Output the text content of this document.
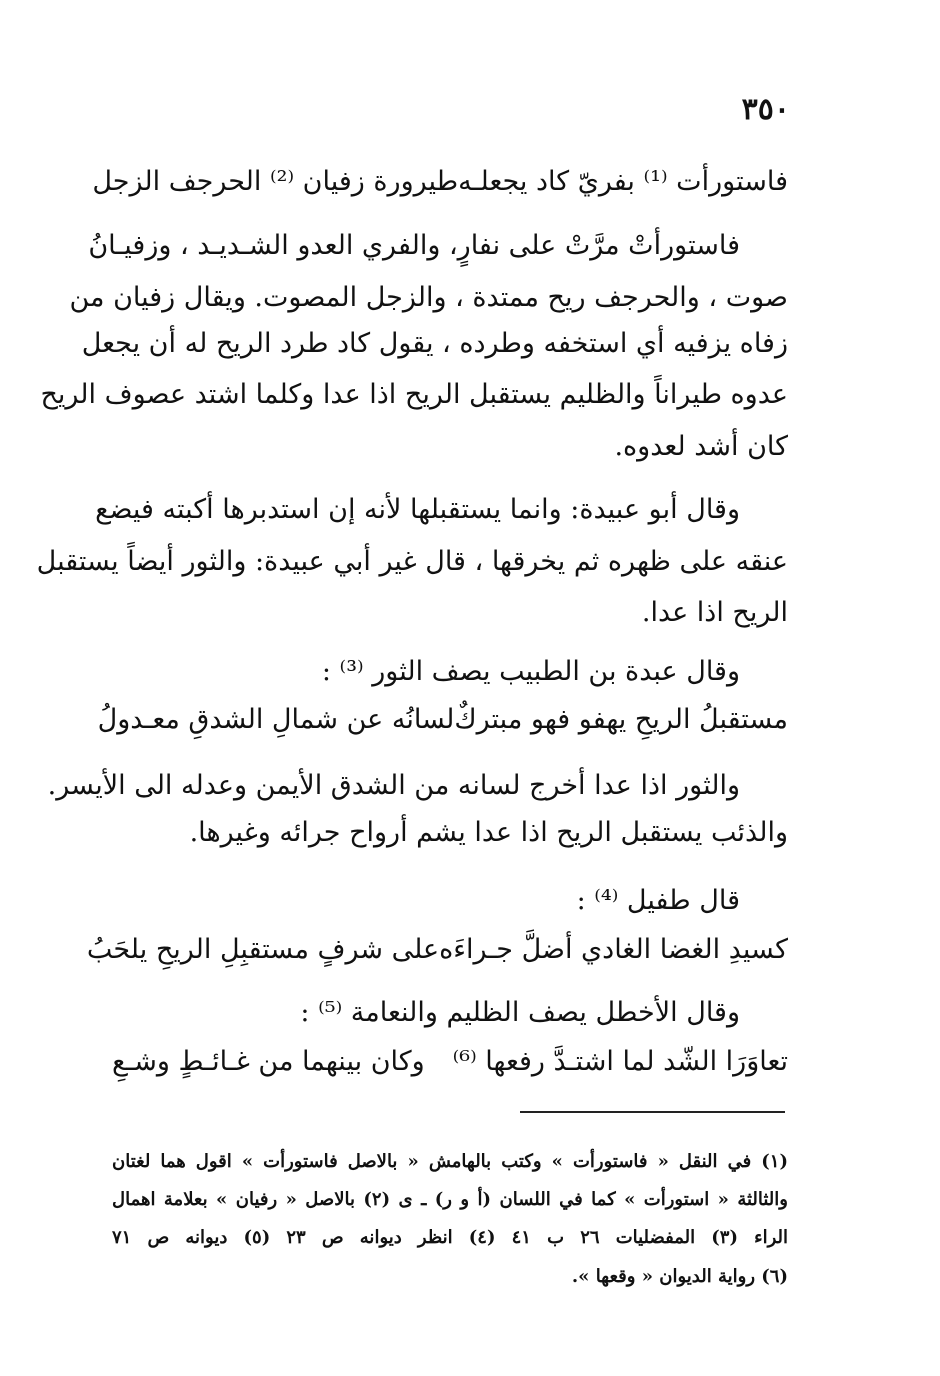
٣٥٠
فاستورأت ⁽¹⁾ بفريّ كاد يجعلـه
طيرورة زفيان ⁽²⁾ الحرجف الزجل
فاستورأتْ مرَّتْ على نفارٍ، والفري العدو الشـديـد ، وزفيـانُ
صوت ، والحرجف ريح ممتدة ، والزجل المصوت. ويقال زفيان من
زفاه يزفيه أي استخفه وطرده ، يقول كاد طرد الريح له أن يجعل
عدوه طيراناً والظليم يستقبل الريح اذا عدا وكلما اشتد عصوف الريح
كان أشد لعدوه.
وقال أبو عبيدة: وانما يستقبلها لأنه إن استدبرها أكبته فيضع
عنقه على ظهره ثم يخرقها ، قال غير أبي عبيدة: والثور أيضاً يستقبل
الريح اذا عدا.
وقال عبدة بن الطبيب يصف الثور ⁽³⁾ :
مستقبلُ الريحِ يهفو فهو مبتركٌ
لسانُه عن شمالِ الشدقِ معـدولُ
والثور اذا عدا أخرج لسانه من الشدق الأيمن وعدله الى الأيسر.
والذئب يستقبل الريح اذا عدا يشم أرواح جرائه وغيرها.
قال طفيل ⁽⁴⁾ :
كسيدِ الغضا الغادي أضلَّ جـراءَه
على شرفٍ مستقبِلِ الريحِ يلحَبُ
وقال الأخطل يصف الظليم والنعامة ⁽⁵⁾ :
تعاوَرَا الشّد لما اشتـدَّ رفعها ⁽⁶⁾
وكان بينهما من غـائـطٍ وشـعِ
(١) في النقل « فاستورأت » وكتب بالهامش « بالاصل فاستورأت » اقول هما لغتان
والثالثة « استورأت » كما في اللسان (أ و ر) ـ ى (٢) بالاصل « رفيان » بعلامة اهمال
الراء (٣) المفضليات ٢٦ ب ٤١ (٤) انظر ديوانه ص ٢٣ (٥) ديوانه ص ٧١
(٦) رواية الديوان « وقعها ».
